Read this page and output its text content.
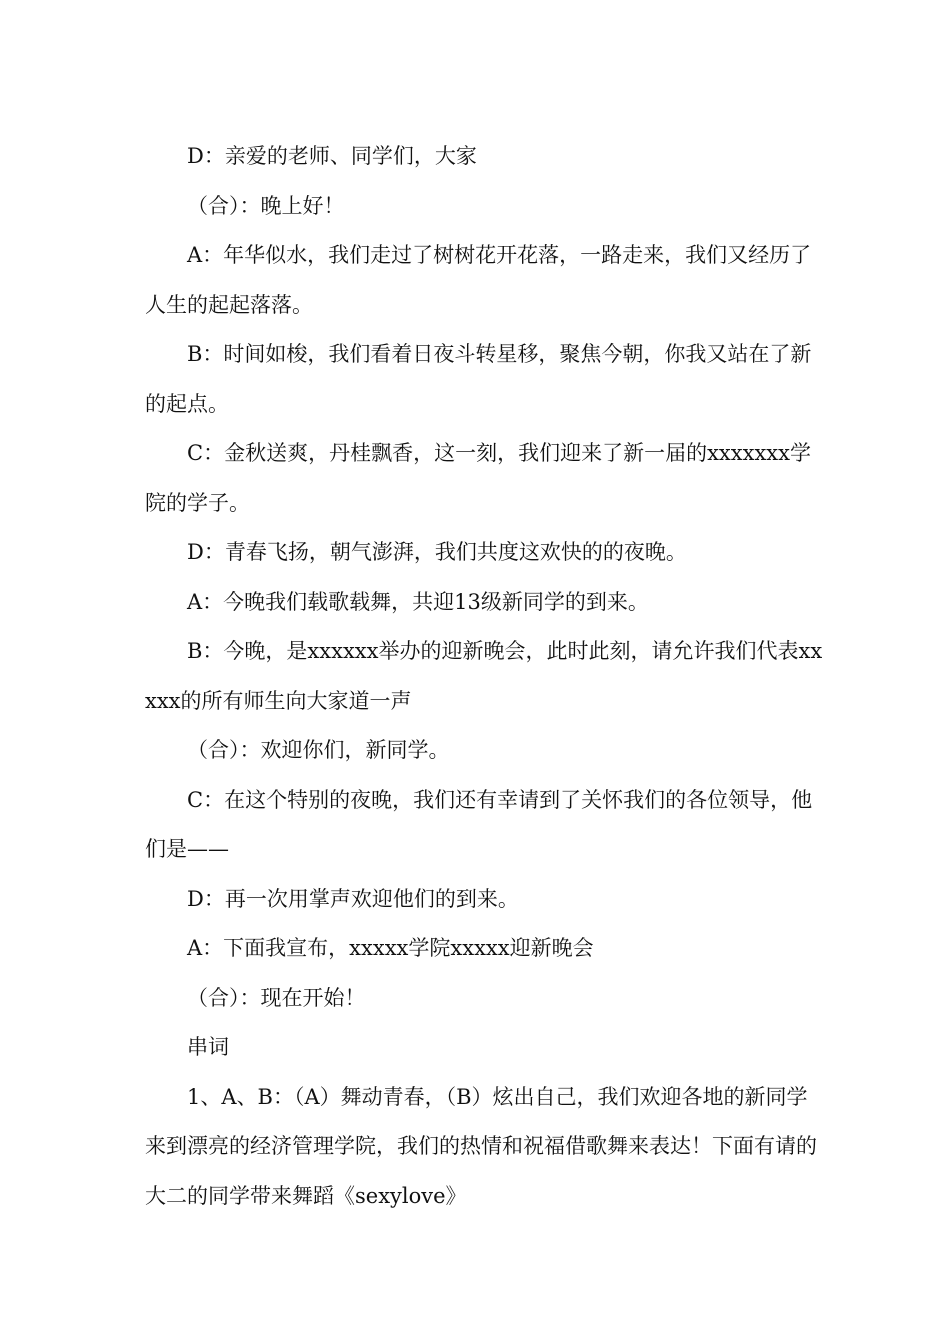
D：亲爱的老师、同学们，大家

（合）：晚上好！

A：年华似水，我们走过了树树花开花落，一路走来，我们又经历了人生的起起落落。

B：时间如梭，我们看着日夜斗转星移，聚焦今朝，你我又站在了新的起点。

C：金秋送爽，丹桂飘香，这一刻，我们迎来了新一届的xxxxxxx学院的学子。

D：青春飞扬，朝气澎湃，我们共度这欢快的的夜晚。

A：今晚我们载歌载舞，共迎13级新同学的到来。

B：今晚，是xxxxxx举办的迎新晚会，此时此刻，请允许我们代表xxxxx的所有师生向大家道一声

（合）：欢迎你们，新同学。

C：在这个特别的夜晚，我们还有幸请到了关怀我们的各位领导，他们是——

D：再一次用掌声欢迎他们的到来。

A：下面我宣布，xxxxx学院xxxxx迎新晚会

（合）：现在开始！

串词

1、A、B：（A）舞动青春，（B）炫出自己，我们欢迎各地的新同学来到漂亮的经济管理学院，我们的热情和祝福借歌舞来表达！下面有请的大二的同学带来舞蹈《sexylove》
